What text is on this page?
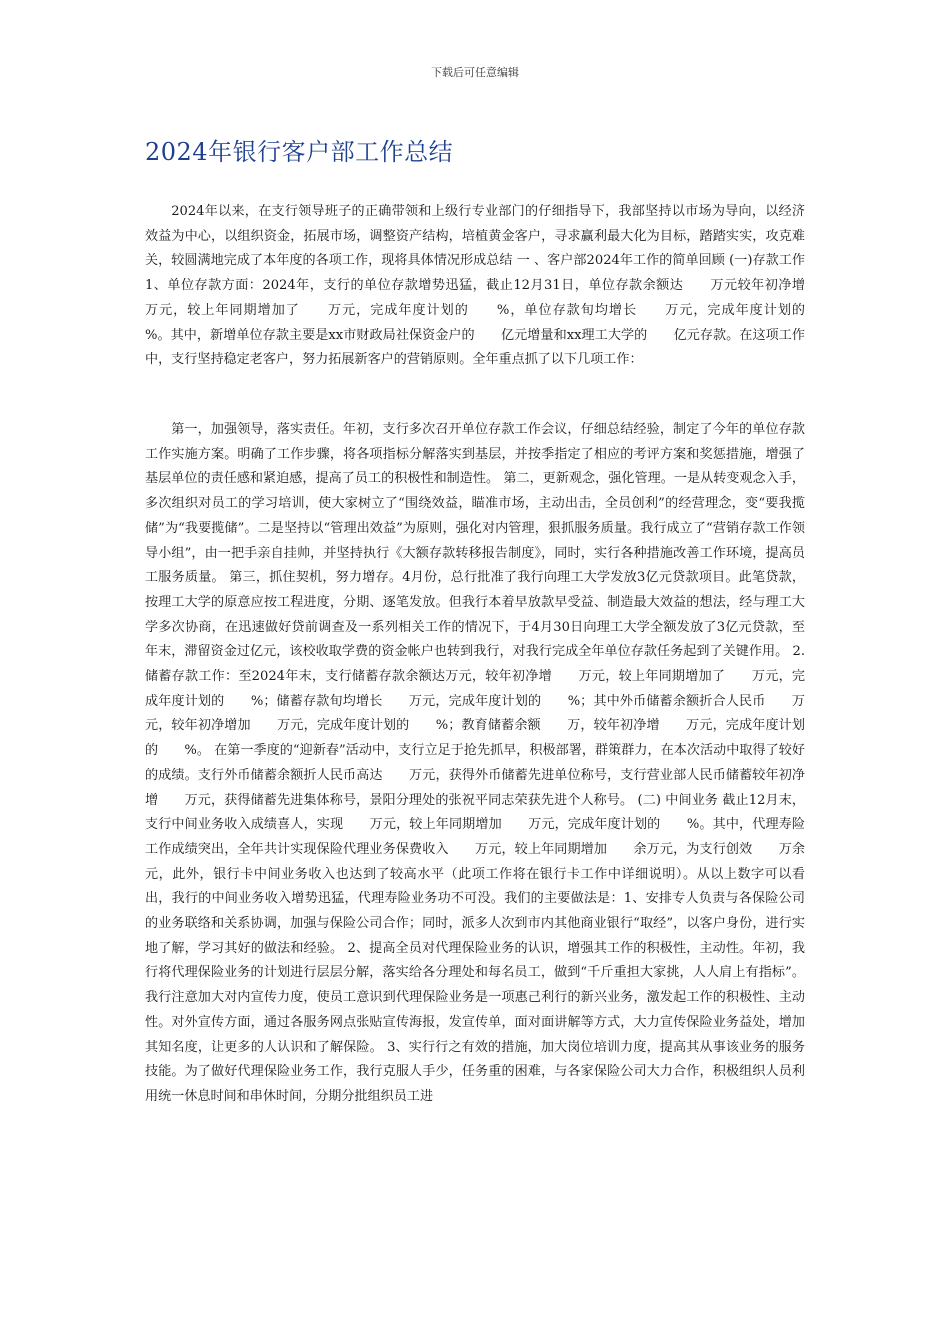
下载后可任意编辑
2024年银行客户部工作总结

2024年以来，在支行领导班子的正确带领和上级行专业部门的仔细指导下，我部坚持以市场为导向，以经济效益为中心，以组织资金，拓展市场，调整资产结构，培植黄金客户，寻求赢利最大化为目标，踏踏实实，攻克难关，较圆满地完成了本年度的各项工作，现将具体情况形成总结 一 、客户部2024年工作的简单回顾 (一)存款工作 1、单位存款方面：2024年，支行的单位存款增势迅猛，截止12月31日，单位存款余额达　　万元较年初净增　　万元，较上年同期增加了　　万元，完成年度计划的　　%，单位存款旬均增长　　万元，完成年度计划的　　%。其中，新增单位存款主要是xx市财政局社保资金户的　　亿元增量和xx理工大学的　　亿元存款。在这项工作中，支行坚持稳定老客户，努力拓展新客户的营销原则。全年重点抓了以下几项工作：

第一，加强领导，落实责任。年初，支行多次召开单位存款工作会议，仔细总结经验，制定了今年的单位存款工作实施方案。明确了工作步骤，将各项指标分解落实到基层，并按季指定了相应的考评方案和奖惩措施，增强了基层单位的责任感和紧迫感，提高了员工的积极性和制造性。 第二，更新观念，强化管理。一是从转变观念入手，多次组织对员工的学习培训，使大家树立了“围绕效益，瞄准市场，主动出击，全员创利”的经营理念，变“要我揽储”为“我要揽储”。二是坚持以“管理出效益”为原则，强化对内管理，狠抓服务质量。我行成立了“营销存款工作领导小组”，由一把手亲自挂帅，并坚持执行《大额存款转移报告制度》，同时，实行各种措施改善工作环境，提高员工服务质量。 第三，抓住契机，努力增存。4月份，总行批准了我行向理工大学发放3亿元贷款项目。此笔贷款，按理工大学的原意应按工程进度，分期、逐笔发放。但我行本着早放款早受益、制造最大效益的想法，经与理工大学多次协商，在迅速做好贷前调查及一系列相关工作的情况下，于4月30日向理工大学全额发放了3亿元贷款，至年末，滞留资金过亿元，该校收取学费的资金帐户也转到我行，对我行完成全年单位存款任务起到了关键作用。 2. 储蓄存款工作：至2024年末，支行储蓄存款余额达万元，较年初净增　　万元，较上年同期增加了　　万元，完成年度计划的　　%；储蓄存款旬均增长　　万元，完成年度计划的　　%；其中外币储蓄余额折合人民币　　万元，较年初净增加　　万元，完成年度计划的　　%；教育储蓄余额　　万，较年初净增　　万元，完成年度计划的　　%。 在第一季度的“迎新春”活动中，支行立足于抢先抓早，积极部署，群策群力，在本次活动中取得了较好的成绩。支行外币储蓄余额折人民币高达　　万元，获得外币储蓄先进单位称号，支行营业部人民币储蓄较年初净增　　万元，获得储蓄先进集体称号，景阳分理处的张祝平同志荣获先进个人称号。 (二) 中间业务 截止12月末，支行中间业务收入成绩喜人，实现　　万元，较上年同期增加　　万元，完成年度计划的　　%。其中，代理寿险工作成绩突出，全年共计实现保险代理业务保费收入　　万元，较上年同期增加　　余万元，为支行创效　　万余元，此外，银行卡中间业务收入也达到了较高水平（此项工作将在银行卡工作中详细说明）。从以上数字可以看出，我行的中间业务收入增势迅猛，代理寿险业务功不可没。我们的主要做法是：1、安排专人负责与各保险公司的业务联络和关系协调，加强与保险公司合作；同时，派多人次到市内其他商业银行“取经”，以客户身份，进行实地了解，学习其好的做法和经验。 2、提高全员对代理保险业务的认识，增强其工作的积极性，主动性。年初，我行将代理保险业务的计划进行层层分解，落实给各分理处和每名员工，做到“千斤重担大家挑，人人肩上有指标”。我行注意加大对内宣传力度，使员工意识到代理保险业务是一项惠己利行的新兴业务，激发起工作的积极性、主动性。对外宣传方面，通过各服务网点张贴宣传海报，发宣传单，面对面讲解等方式，大力宣传保险业务益处，增加其知名度，让更多的人认识和了解保险。 3、实行行之有效的措施，加大岗位培训力度，提高其从事该业务的服务技能。为了做好代理保险业务工作，我行克服人手少，任务重的困难，与各家保险公司大力合作，积极组织人员利用统一休息时间和串休时间，分期分批组织员工进
